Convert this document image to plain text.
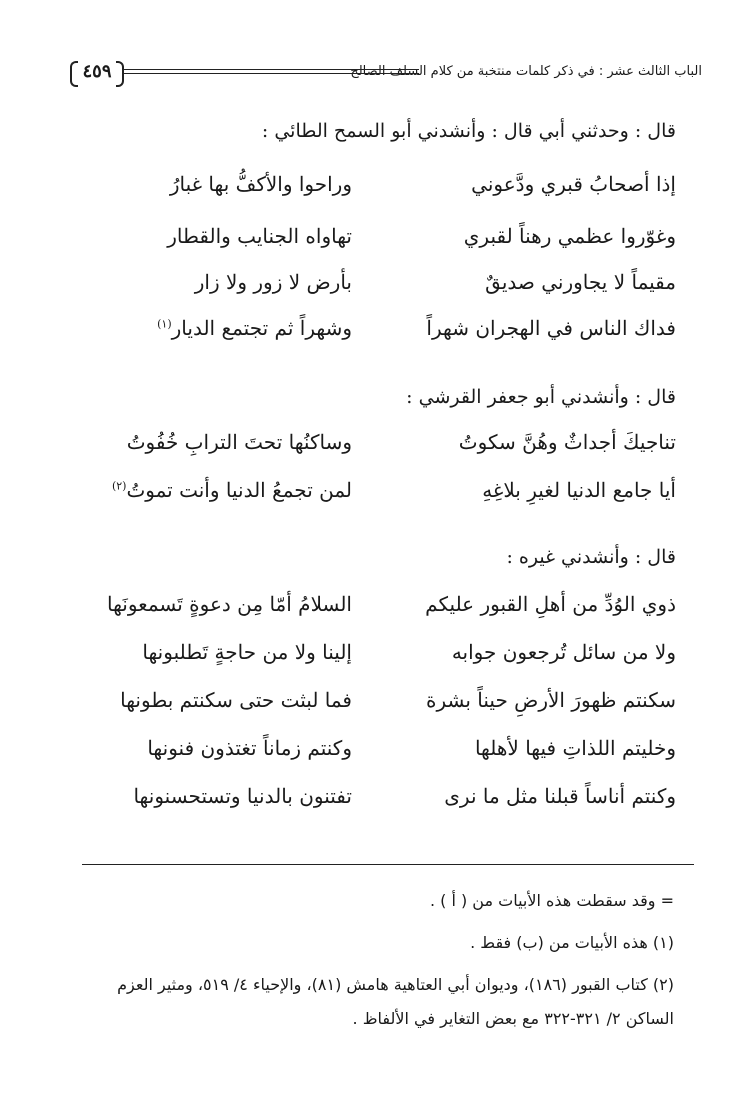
الباب الثالث عشر : في ذكر كلمات منتخبة من كلام السلف الصالح
٤٥٩
قال : وحدثني أبي قال : وأنشدني أبو السمح الطائي :
إذا أصحابُ قبري ودَّعوني
وراحوا والأكفُّ بها غبارُ
وغوّروا عظمي رهناً لقبري
تهاواه الجنايب والقطار
مقيماً لا يجاورني صديقٌ
بأرض لا زور ولا زار
فداك الناس في الهجران شهراً
وشهراً ثم تجتمع الديار$^{(١)}$
قال : وأنشدني أبو جعفر القرشي :
تناجيكَ أجداثٌ وهُنَّ سكوتُ
وساكنُها تحتَ الترابِ خُفُوتُ
أيا جامع الدنيا لغيرِ بلاغِهِ
لمن تجمعُ الدنيا وأنت تموتُ$^{(٢)}$
قال : وأنشدني غيره :
ذوي الوُدِّ من أهلِ القبور عليكم
السلامُ أمّا مِن دعوةٍ تَسمعونَها
ولا من سائل تُرجعون جوابه
إلينا ولا من حاجةٍ تَطلبونها
سكنتم ظهورَ الأرضِ حيناً بشرة
فما لبثت حتى سكنتم بطونها
وخليتم اللذاتِ فيها لأهلها
وكنتم زماناً تغتذون فنونها
وكنتم أناساً قبلنا مثل ما نرى
تفتنون بالدنيا وتستحسنونها
= وقد سقطت هذه الأبيات من ( أ ) .
(١) هذه الأبيات من (ب) فقط .
(٢) كتاب القبور (١٨٦)، وديوان أبي العتاهية هامش (٨١)، والإحياء ٤/ ٥١٩، ومثير العزم الساكن ٢/ ٣٢١-٣٢٢ مع بعض التغاير في الألفاظ .
